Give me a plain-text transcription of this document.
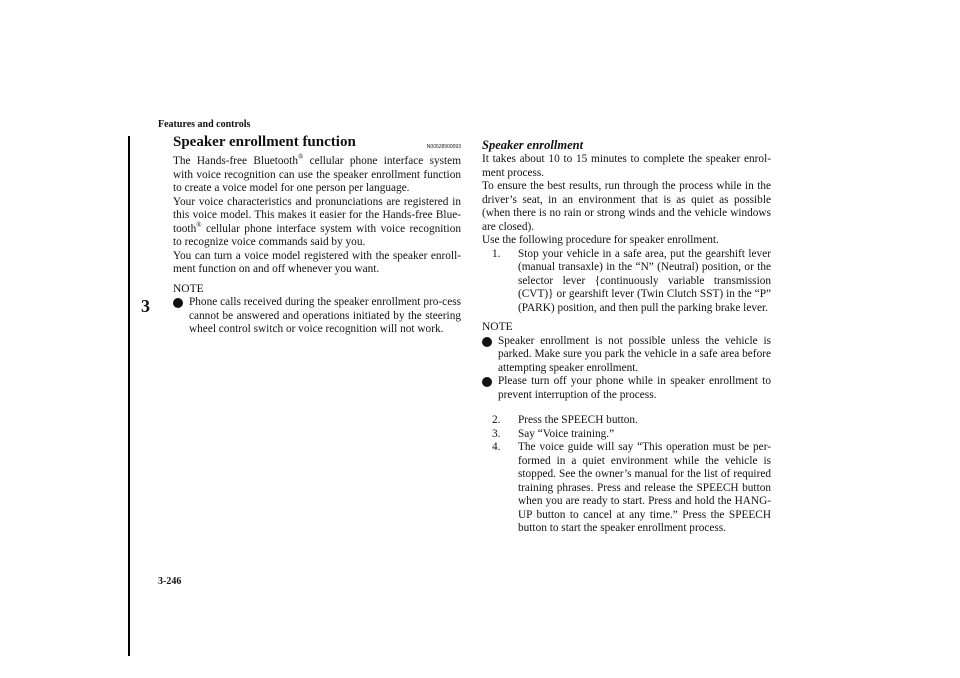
Features and controls
3
3-246
Speaker enrollment function	N00528900093

The Hands-free Bluetooth® cellular phone interface system with voice recognition can use the speaker enrollment function to create a voice model for one person per language.

Your voice characteristics and pronunciations are registered in this voice model. This makes it easier for the Hands-free Blue-tooth® cellular phone interface system with voice recognition to recognize voice commands said by you.

You can turn a voice model registered with the speaker enroll-ment function on and off whenever you want.

NOTE
Phone calls received during the speaker enrollment pro-cess cannot be answered and operations initiated by the steering wheel control switch or voice recognition will not work.

Speaker enrollment

It takes about 10 to 15 minutes to complete the speaker enrol-ment process.

To ensure the best results, run through the process while in the driver’s seat, in an environment that is as quiet as possible (when there is no rain or strong winds and the vehicle windows are closed).

Use the following procedure for speaker enrollment.

1. Stop your vehicle in a safe area, put the gearshift lever (manual transaxle) in the “N” (Neutral) position, or the selector lever {continuously variable transmission (CVT)} or gearshift lever (Twin Clutch SST) in the “P” (PARK) position, and then pull the parking brake lever.
NOTE
Speaker enrollment is not possible unless the vehicle is parked. Make sure you park the vehicle in a safe area before attempting speaker enrollment.
Please turn off your phone while in speaker enrollment to prevent interruption of the process.
2. Press the SPEECH button.
3. Say “Voice training.”
4. The voice guide will say “This operation must be per-formed in a quiet environment while the vehicle is stopped. See the owner’s manual for the list of required training phrases. Press and release the SPEECH button when you are ready to start. Press and hold the HANG-UP button to cancel at any time.” Press the SPEECH button to start the speaker enrollment process.
